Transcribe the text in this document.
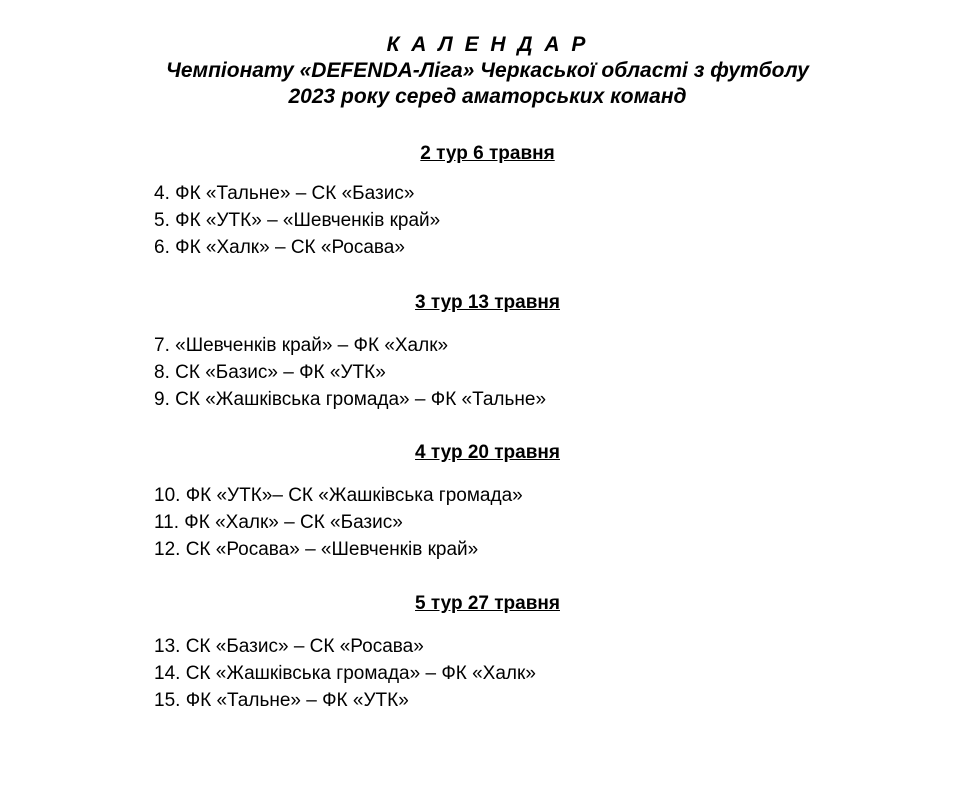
К А Л Е Н Д А Р
Чемпіонату «DEFENDA-Ліга» Черкаської області з футболу
2023 року серед аматорських команд
2 тур 6 травня
4. ФК «Тальне» – СК «Базис»
5. ФК «УТК» – «Шевченків край»
6. ФК «Халк» – СК «Росава»
3 тур 13 травня
7. «Шевченків край» – ФК «Халк»
8. СК «Базис» – ФК «УТК»
9. СК «Жашківська громада» – ФК «Тальне»
4 тур 20 травня
10. ФК «УТК»– СК «Жашківська громада»
11. ФК «Халк» – СК «Базис»
12. СК «Росава» – «Шевченків край»
5 тур 27 травня
13. СК «Базис» – СК «Росава»
14. СК «Жашківська громада» – ФК «Халк»
15. ФК «Тальне» – ФК «УТК»
